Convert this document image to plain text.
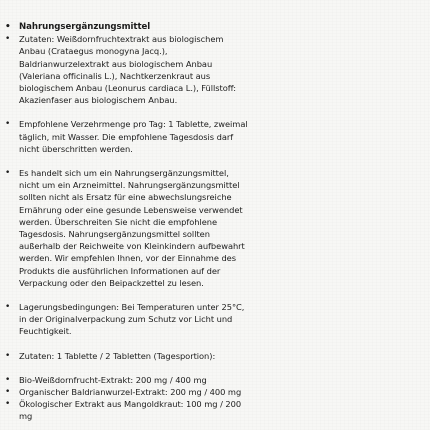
• Nahrungsergänzungsmittel
• Zutaten: Weißdornfruchtextrakt aus biologischem
Anbau (Crataegus monogyna Jacq.),
Baldrianwurzelextrakt aus biologischem Anbau
(Valeriana officinalis L.), Nachtkerzenkraut aus
biologischem Anbau (Leonurus cardiaca L.), Füllstoff:
Akazienfaser aus biologischem Anbau.
• Empfohlene Verzehrmenge pro Tag: 1 Tablette, zweimal
täglich, mit Wasser. Die empfohlene Tagesdosis darf
nicht überschritten werden.
• Es handelt sich um ein Nahrungsergänzungsmittel,
nicht um ein Arzneimittel. Nahrungsergänzungsmittel
sollten nicht als Ersatz für eine abwechslungsreiche
Ernährung oder eine gesunde Lebensweise verwendet
werden. Überschreiten Sie nicht die empfohlene
Tagesdosis. Nahrungsergänzungsmittel sollten
außerhalb der Reichweite von Kleinkindern aufbewahrt
werden. Wir empfehlen Ihnen, vor der Einnahme des
Produkts die ausführlichen Informationen auf der
Verpackung oder den Beipackzettel zu lesen.
• Lagerungsbedingungen: Bei Temperaturen unter 25°C,
in der Originalverpackung zum Schutz vor Licht und
Feuchtigkeit.
• Zutaten: 1 Tablette / 2 Tabletten (Tagesportion):
• Bio-Weißdornfrucht-Extrakt: 200 mg / 400 mg
• Organischer Baldrianwurzel-Extrakt: 200 mg / 400 mg
• Ökologischer Extrakt aus Mangoldkraut: 100 mg / 200
mg
